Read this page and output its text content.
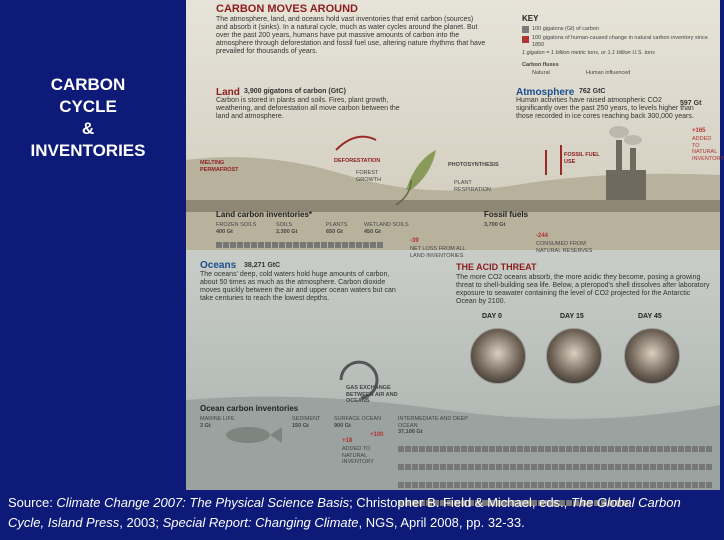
CARBON
CYCLE
&
INVENTORIES
CARBON MOVES AROUND
The atmosphere, land, and oceans hold vast inventories that emit carbon (sources) and absorb it (sinks). In a natural cycle, much as water cycles around the planet. But over the past 200 years, humans have put massive amounts of carbon into the atmosphere through deforestation and fossil fuel use, altering nature rhythms that have prevailed for thousands of years.
KEY
100 gigatons (Gt) of carbon
100 gigatons of human-caused change in natural carbon inventory since 1850
1 gigaton = 1 billion metric tons, or 1.1 billion U.S. tons
Carbon fluxes
Natural	Human influenced
Land 3,900 gigatons of carbon (GtC)
Carbon is stored in plants and soils. Fires, plant growth, weathering, and deforestation all move carbon between the land and atmosphere.
Atmosphere 762 GtC
Human activities have raised atmospheric CO2 significantly over the past 250 years, to levels higher than those recorded in ice cores reaching back 300,000 years.
597 Gt
+165
ADDED TO NATURAL INVENTORY
MELTING PERMAFROST
DEFORESTATION
FOREST GROWTH
PHOTOSYNTHESIS
PLANT RESPIRATION
FOSSIL FUEL USE
Land carbon inventories*
FROZEN SOILS
400 Gt
SOILS
2,300 Gt
PLANTS
650 Gt
WETLAND SOILS
450 Gt
-39
NET LOSS FROM ALL LAND INVENTORIES
Fossil fuels
3,700 Gt
-244
CONSUMED FROM NATURAL RESERVES
Oceans 38,271 GtC
The oceans' deep, cold waters hold huge amounts of carbon, about 50 times as much as the atmosphere. Carbon dioxide moves quickly between the air and upper ocean waters but can take centuries to reach the lowest depths.
THE ACID THREAT
The more CO2 oceans absorb, the more acidic they become, posing a growing threat to shell-building sea life. Below, a pteropod's shell dissolves after laboratory exposure to seawater containing the level of CO2 projected for the Antarctic Ocean by 2100.
DAY 0	DAY 15	DAY 45
GAS EXCHANGE BETWEEN AIR AND OCEANS
Ocean carbon inventories
MARINE LIFE
3 Gt
SEDIMENT
150 Gt
SURFACE OCEAN
900 Gt
INTERMEDIATE AND DEEP OCEAN
37,100 Gt
+18
ADDED TO NATURAL INVENTORY
+100
Source: Climate Change 2007: The Physical Science Basis; Christopher B. Field & Michael, eds., The Global Carbon Cycle, Island Press, 2003; Special Report: Changing Climate, NGS, April 2008, pp. 32-33.
